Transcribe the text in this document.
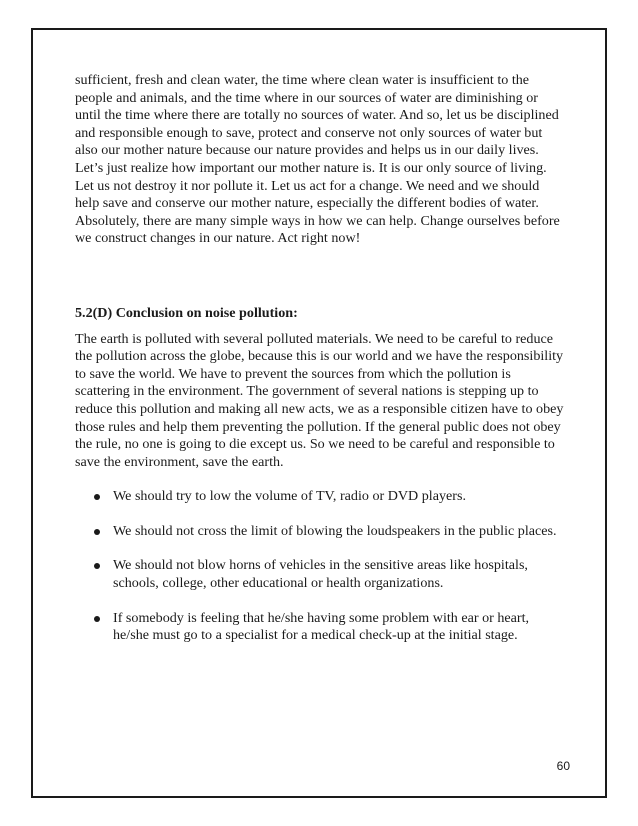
sufficient, fresh and clean water, the time where clean water is insufficient to the people and animals, and the time where in our sources of water are diminishing or until the time where there are totally no sources of water. And so, let us be disciplined and responsible enough to save, protect and conserve not only sources of water but also our mother nature because our nature provides and helps us in our daily lives. Let’s just realize how important our mother nature is. It is our only source of living. Let us not destroy it nor pollute it. Let us act for a change. We need and we should help save and conserve our mother nature, especially the different bodies of water. Absolutely, there are many simple ways in how we can help. Change ourselves before we construct changes in our nature. Act right now!

5.2(D) Conclusion on noise pollution:

The earth is polluted with several polluted materials. We need to be careful to reduce the pollution across the globe, because this is our world and we have the responsibility to save the world. We have to prevent the sources from which the pollution is scattering in the environment. The government of several nations is stepping up to reduce this pollution and making all new acts, we as a responsible citizen have to obey those rules and help them preventing the pollution. If the general public does not obey the rule, no one is going to die except us. So we need to be careful and responsible to save the environment, save the earth.

We should try to low the volume of TV, radio or DVD players.
We should not cross the limit of blowing the loudspeakers in the public places.
We should not blow horns of vehicles in the sensitive areas like hospitals, schools, college, other educational or health organizations.
If somebody is feeling that he/she having some problem with ear or heart, he/she must go to a specialist for a medical check-up at the initial stage.
60
